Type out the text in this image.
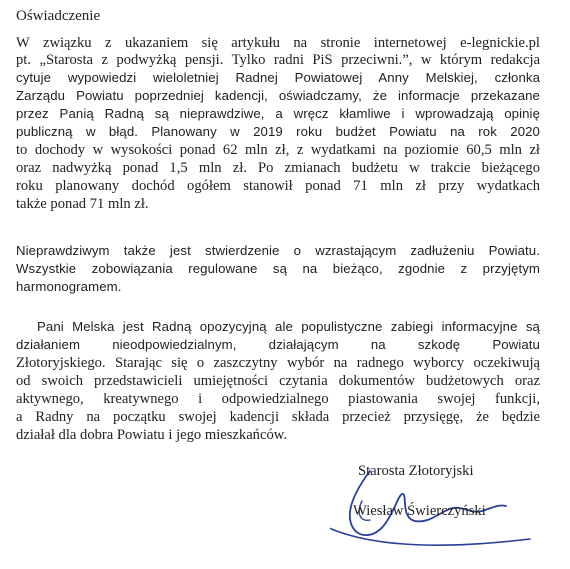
Oświadczenie
W związku z ukazaniem się artykułu na stronie internetowej e-legnickie.pl
pt. „Starosta z podwyżką pensji. Tylko radni PiS przeciwni.”, w którym redakcja
cytuje wypowiedzi wieloletniej Radnej Powiatowej Anny Melskiej, członka
Zarządu Powiatu poprzedniej kadencji, oświadczamy, że informacje przekazane
przez Panią Radną są nieprawdziwe, a wręcz kłamliwe i wprowadzają opinię
publiczną w błąd. Planowany w 2019 roku budżet Powiatu na rok 2020
to dochody w wysokości ponad 62 mln zł, z wydatkami na poziomie 60,5 mln zł
oraz nadwyżką ponad 1,5 mln zł. Po zmianach budżetu w trakcie bieżącego
roku planowany dochód ogółem stanowił ponad 71 mln zł przy wydatkach
także ponad 71 mln zł.
Nieprawdziwym także jest stwierdzenie o wzrastającym zadłużeniu Powiatu.
Wszystkie zobowiązania regulowane są na bieżąco, zgodnie z przyjętym
harmonogramem.
Pani Melska jest Radną opozycyjną ale populistyczne zabiegi informacyjne są
działaniem nieodpowiedzialnym, działającym na szkodę Powiatu
Złotoryjskiego. Starając się o zaszczytny wybór na radnego wyborcy oczekiwują
od swoich przedstawicieli umiejętności czytania dokumentów budżetowych oraz
aktywnego, kreatywnego i odpowiedzialnego piastowania swojej funkcji,
a Radny na początku swojej kadencji składa przecież przysięgę, że będzie
działał dla dobra Powiatu i jego mieszkańców.
Starosta Złotoryjski
Wiesław Świerczyński
